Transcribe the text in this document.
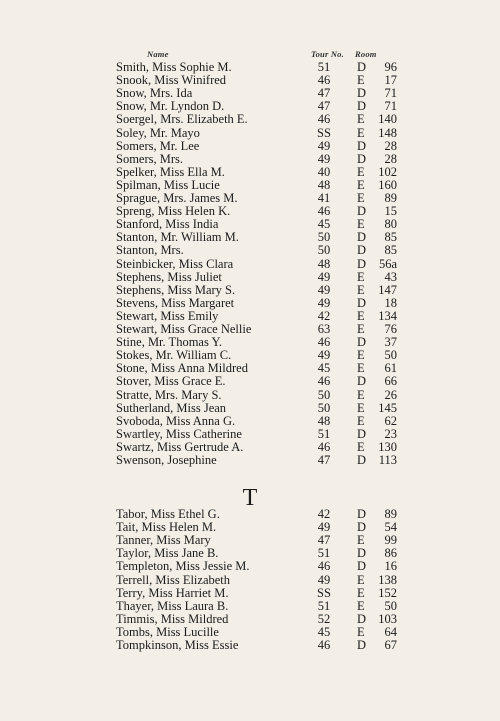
Name	Tour No. Room
Smith, Miss Sophie M.	51	D 96
Snook, Miss Winifred	46	E 17
Snow, Mrs. Ida	47	D 71
Snow, Mr. Lyndon D.	47	D 71
Soergel, Mrs. Elizabeth E.	46	E 140
Soley, Mr. Mayo	SS	E 148
Somers, Mr. Lee	49	D 28
Somers, Mrs.	49	D 28
Spelker, Miss Ella M.	40	E 102
Spilman, Miss Lucie	48	E 160
Sprague, Mrs. James M.	41	E 89
Spreng, Miss Helen K.	46	D 15
Stanford, Miss India	45	E 80
Stanton, Mr. William M.	50	D 85
Stanton, Mrs.	50	D 85
Steinbicker, Miss Clara	48	D 56a
Stephens, Miss Juliet	49	E 43
Stephens, Miss Mary S.	49	E 147
Stevens, Miss Margaret	49	D 18
Stewart, Miss Emily	42	E 134
Stewart, Miss Grace Nellie	63	E 76
Stine, Mr. Thomas Y.	46	D 37
Stokes, Mr. William C.	49	E 50
Stone, Miss Anna Mildred	45	E 61
Stover, Miss Grace E.	46	D 66
Stratte, Mrs. Mary S.	50	E 26
Sutherland, Miss Jean	50	E 145
Svoboda, Miss Anna G.	48	E 62
Swartley, Miss Catherine	51	D 23
Swartz, Miss Gertrude A.	46	E 130
Swenson, Josephine	47	D 113
T
Tabor, Miss Ethel G.	42	D 89
Tait, Miss Helen M.	49	D 54
Tanner, Miss Mary	47	E 99
Taylor, Miss Jane B.	51	D 86
Templeton, Miss Jessie M.	46	D 16
Terrell, Miss Elizabeth	49	E 138
Terry, Miss Harriet M.	SS	E 152
Thayer, Miss Laura B.	51	E 50
Timmis, Miss Mildred	52	D 103
Tombs, Miss Lucille	45	E 64
Tompkinson, Miss Essie	46	D 67
